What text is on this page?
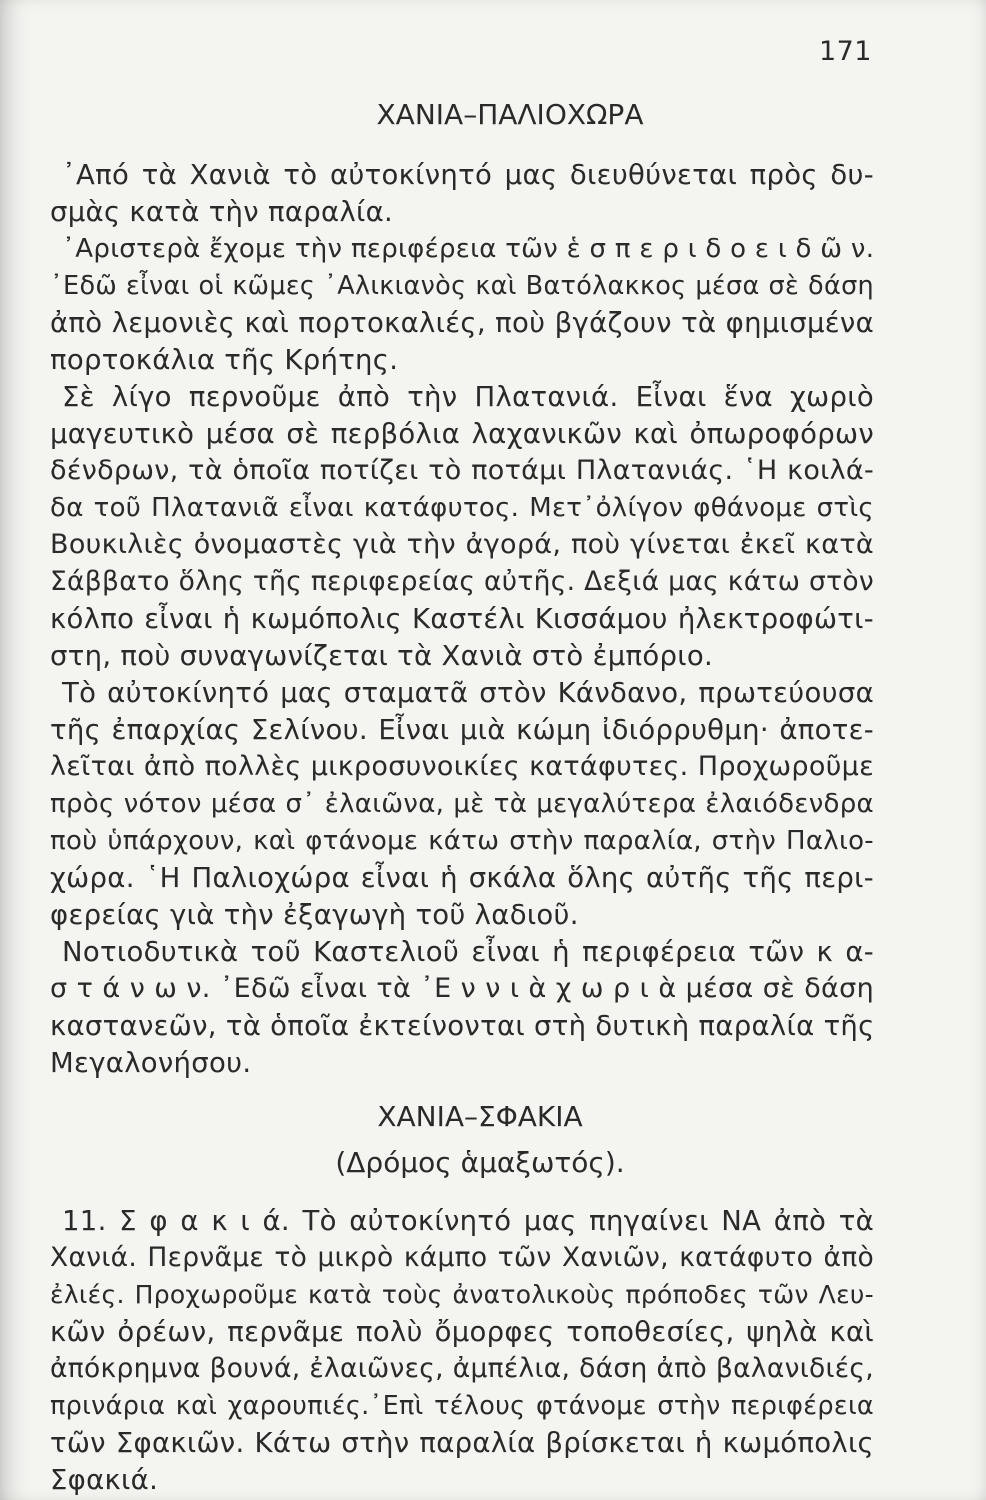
171
ΧΑΝΙΑ–ΠΑΛΙΟΧΩΡΑ
᾿Από τὰ Χανιὰ τὸ αὐτοκίνητό μας διευθύνεται πρὸς δυ-
σμὰς κατὰ τὴν παραλία.
᾿Αριστερὰ ἔχομε τὴν περιφέρεια τῶν ἑ σ π ε ρ ι δ ο ε ι δ ῶ ν.
᾿Εδῶ εἶναι οἱ κῶμες ᾿Αλικιανὸς καὶ Βατόλακκος μέσα σὲ δάση
ἀπὸ λεμονιὲς καὶ πορτοκαλιές, ποὺ βγάζουν τὰ φημισμένα
πορτοκάλια τῆς Κρήτης.
Σὲ λίγο περνοῦμε ἀπὸ τὴν Πλατανιά. Εἶναι ἕνα χωριὸ
μαγευτικὸ μέσα σὲ περβόλια λαχανικῶν καὶ ὀπωροφόρων
δένδρων, τὰ ὁποῖα ποτίζει τὸ ποτάμι Πλατανιάς. ῾Η κοιλά-
δα τοῦ Πλατανιᾶ εἶναι κατάφυτος. Μετ᾿ὀλίγον φθάνομε στὶς
Βουκιλιὲς ὀνομαστὲς γιὰ τὴν ἀγορά, ποὺ γίνεται ἐκεῖ κατὰ
Σάββατο ὅλης τῆς περιφερείας αὐτῆς. Δεξιά μας κάτω στὸν
κόλπο εἶναι ἡ κωμόπολις Καστέλι Κισσάμου ἠλεκτροφώτι-
στη, ποὺ συναγωνίζεται τὰ Χανιὰ στὸ ἐμπόριο.
Τὸ αὐτοκίνητό μας σταματᾶ στὸν Κάνδανο, πρωτεύουσα
τῆς ἐπαρχίας Σελίνου. Εἶναι μιὰ κώμη ἰδιόρρυθμη· ἀποτε-
λεῖται ἀπὸ πολλὲς μικροσυνοικίες κατάφυτες. Προχωροῦμε
πρὸς νότον μέσα σ᾿ ἐλαιῶνα, μὲ τὰ μεγαλύτερα ἐλαιόδενδρα
ποὺ ὑπάρχουν, καὶ φτάνομε κάτω στὴν παραλία, στὴν Παλιο-
χώρα. ῾Η Παλιοχώρα εἶναι ἡ σκάλα ὅλης αὐτῆς τῆς περι-
φερείας γιὰ τὴν ἐξαγωγὴ τοῦ λαδιοῦ.
Νοτιοδυτικὰ τοῦ Καστελιοῦ εἶναι ἡ περιφέρεια τῶν κ α-
σ τ ά ν ω ν. ᾿Εδῶ εἶναι τὰ ᾿Ε ν ν ι ὰ χ ω ρ ι ὰ μέσα σὲ δάση
καστανεῶν, τὰ ὁποῖα ἐκτείνονται στὴ δυτικὴ παραλία τῆς
Μεγαλονήσου.
ΧΑΝΙΑ–ΣΦΑΚΙΑ
(Δρόμος ἁμαξωτός).
11. Σ φ α κ ι ά. Τὸ αὐτοκίνητό μας πηγαίνει ΝΑ ἀπὸ τὰ
Χανιά. Περνᾶμε τὸ μικρὸ κάμπο τῶν Χανιῶν, κατάφυτο ἀπὸ
ἐλιές. Προχωροῦμε κατὰ τοὺς ἀνατολικοὺς πρόποδες τῶν Λευ-
κῶν ὀρέων, περνᾶμε πολὺ ὄμορφες τοποθεσίες, ψηλὰ καὶ
ἀπόκρημνα βουνά, ἐλαιῶνες, ἀμπέλια, δάση ἀπὸ βαλανιδιές,
πρινάρια καὶ χαρουπιές.᾿Επὶ τέλους φτάνομε στὴν περιφέρεια
τῶν Σφακιῶν. Κάτω στὴν παραλία βρίσκεται ἡ κωμόπολις
Σφακιά.
